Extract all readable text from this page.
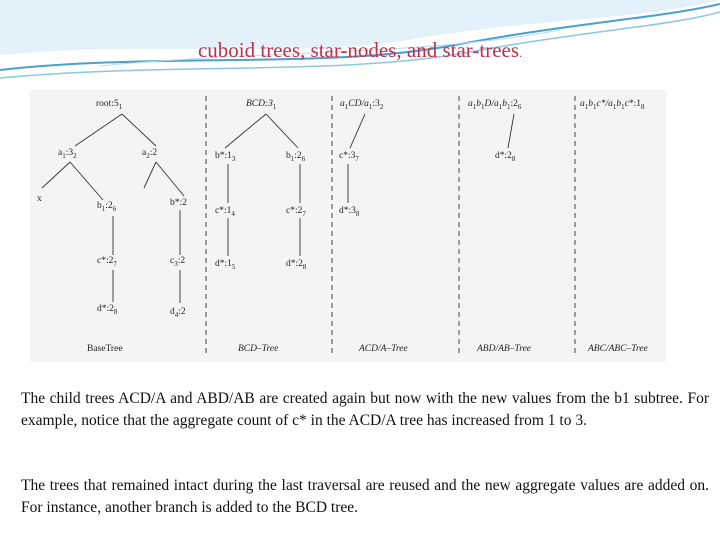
cuboid trees, star-nodes, and star-trees.
$root:5_1$
$a_1:3_2$	$a_2:2$
x
$b_1:2_6$
b*:2
$c*:2_7$	$c_3:2$
$d*:2_8$	$d_4:2$
$BCD:3_1$
$b*:1_3$	$b_1:2_6$
$c*:1_4$	$c*:2_7$
$d*:1_5$	$d*:2_8$
$a_1CD/a_1:3_2$
$c*:3_7$
$d*:3_8$
$a_1b_1D/a_1b_1:2_6$
$d*:2_8$
$a_1b_1c*/a_1b_1c*:1_8$
BaseTree	BCD–Tree	ACD/A–Tree	ABD/AB–Tree	ABC/ABC–Tree
The child trees ACD/A and ABD/AB are created again but now with the new values from the b1 subtree. For example, notice that the aggregate count of c* in the ACD/A tree has increased from 1 to 3.
The trees that remained intact during the last traversal are reused and the new aggregate values are added on. For instance, another branch is added to the BCD tree.
